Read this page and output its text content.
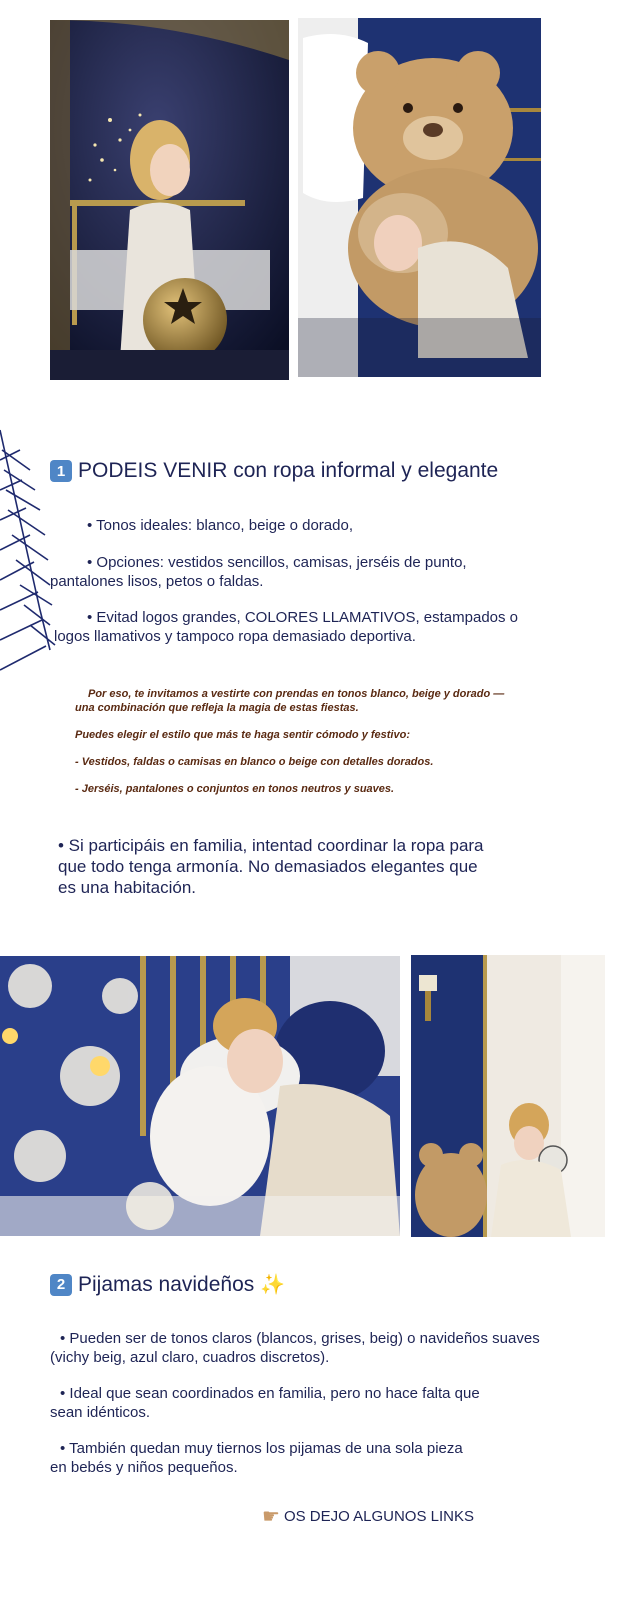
1 PODEIS VENIR con ropa informal y elegante
• Tonos ideales: blanco, beige o dorado,
• Opciones: vestidos sencillos, camisas, jerséis de punto,
pantalones lisos, petos o faldas.
• Evitad logos grandes, COLORES LLAMATIVOS, estampados o
logos llamativos y tampoco ropa demasiado deportiva.
Por eso, te invitamos a vestirte con prendas en tonos blanco, beige y dorado —
una combinación que refleja la magia de estas fiestas.
Puedes elegir el estilo que más te haga sentir cómodo y festivo:
- Vestidos, faldas o camisas en blanco o beige con detalles dorados.
- Jerséis, pantalones o conjuntos en tonos neutros y suaves.
• Si participáis en familia, intentad coordinar la ropa para
que todo tenga armonía. No demasiados elegantes que
es una habitación.
2 Pijamas navideños ✨
• Pueden ser de tonos claros (blancos, grises, beig) o navideños suaves
(vichy beig, azul claro, cuadros discretos).
• Ideal que sean coordinados en familia, pero no hace falta que
sean idénticos.
• También quedan muy tiernos los pijamas de una sola pieza
en bebés y niños pequeños.
☛ OS DEJO ALGUNOS LINKS
